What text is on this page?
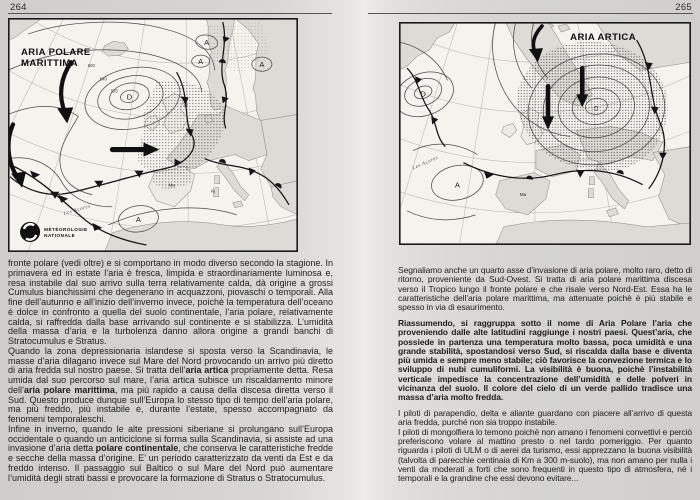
264	265
MÉTÉOROLOGIE
NATIONALE
ARIA POLARE
MARITTIMA
D
D
A
A	A
A
Les Açores
560
540
520
Ma
Aj
ARIA ARTICA
D
D
A
Les Açores
Ma

fronte polare (vedi oltre) e si comportano in modo diverso secondo la stagione. In primavera ed in estate l’aria è fresca, limpida e straordinariamente luminosa e, resa instabile dal suo arrivo sulla terra relativamente calda, dà origine a grossi Cumulus bianchissimi che degenerano in acquazzoni, piovaschi o temporali. Alla fine dell’autunno e all’inizio dell’inverno invece, poichè la temperatura dell’oceano è dolce in confronto a quella del suolo continentale, l’aria polare, relativamente calda, si raffredda dalla base arrivando sul continente e si stabilizza. L’umidità della massa d’aria e la turbolenza danno allora origine a grandi banchi di Stratocumulus e Stratus.

Quando la zona depressionaria islandese si sposta verso la Scandinavia, le masse d’aria dilagano invece sul Mare del Nord provocando un arrivo più diretto di aria fredda sul nostro paese. Si tratta dell’aria artica propriamente detta. Resa umida dal suo percorso sul mare, l’aria artica subisce un riscaldamento minore dell’aria polare marittima, ma più rapido a causa della discesa diretta verso il Sud. Questo produce dunque sull’Europa lo stesso tipo di tempo dell’aria polare, ma più freddo, più instabile e, durante l’estate, spesso accompagnato da fenomeni temporaleschi.

Infine in inverno, quando le alte pressioni siberiane si prolungano sull’Europa occidentale o quando un anticiclone si forma sulla Scandinavia, si assiste ad una invasione d’aria detta polare continentale, che conserva le caratteristiche fredde e secche della massa d’origine. E’ un periodo caratterizzato da venti da Est e da freddo intenso. Il passaggio sul Baltico o sul Mare del Nord può aumentare l’umidità degli strati bassi e provocare la formazione di Stratus o Stratocumulus.

Segnaliamo anche un quarto asse d’invasione di aria polare, molto raro, detto di ritorno, proveniente da Sud-Ovest. Si tratta di aria polare marittima discesa verso il Tropico lungo il fronte polare e che risale verso Nord-Est. Essa ha le caratteristiche dell’aria polare marittima, ma attenuate poichè è più stabile e spesso in via di esaurimento.

Riassumendo, si raggruppa sotto il nome di Aria Polare l’aria che proveniendo dalle alte latitudini raggiunge i nostri paesi. Quest’aria, che possiede in partenza una temperatura molto bassa, poca umidità e una grande stabilità, spostandosi verso Sud, si riscalda dalla base e diventa più umida e sempre meno stabile; ciò favorisce la convezione termica e lo sviluppo di nubi cumuliformi. La visibilità è buona, poichè l’instabilità verticale impedisce la concentrazione dell’umidità e delle polveri in vicinanza del suolo. Il colore del cielo di un verde pallido tradisce una massa d’aria molto fredda.

I piloti di parapendio, delta e aliante guardano con piacere all’arrivo di questa aria fredda, purché non sia troppo instabile.

I piloti di mongolfiera lo temono poichè non amano i fenomeni convettivi e perciò preferiscono volare al mattino presto o nel tardo pomeriggio. Per quanto riguarda i piloti di ULM o di aerei da turismo, essi apprezzano la buona visibilità (talvolta di parecchie centinaia di Km a 300 m-suolo), ma non amano per nulla i venti da moderati a forti che sono frequenti in questo tipo di atmosfera, né i temporali e la grandine che essi devono evitare...
